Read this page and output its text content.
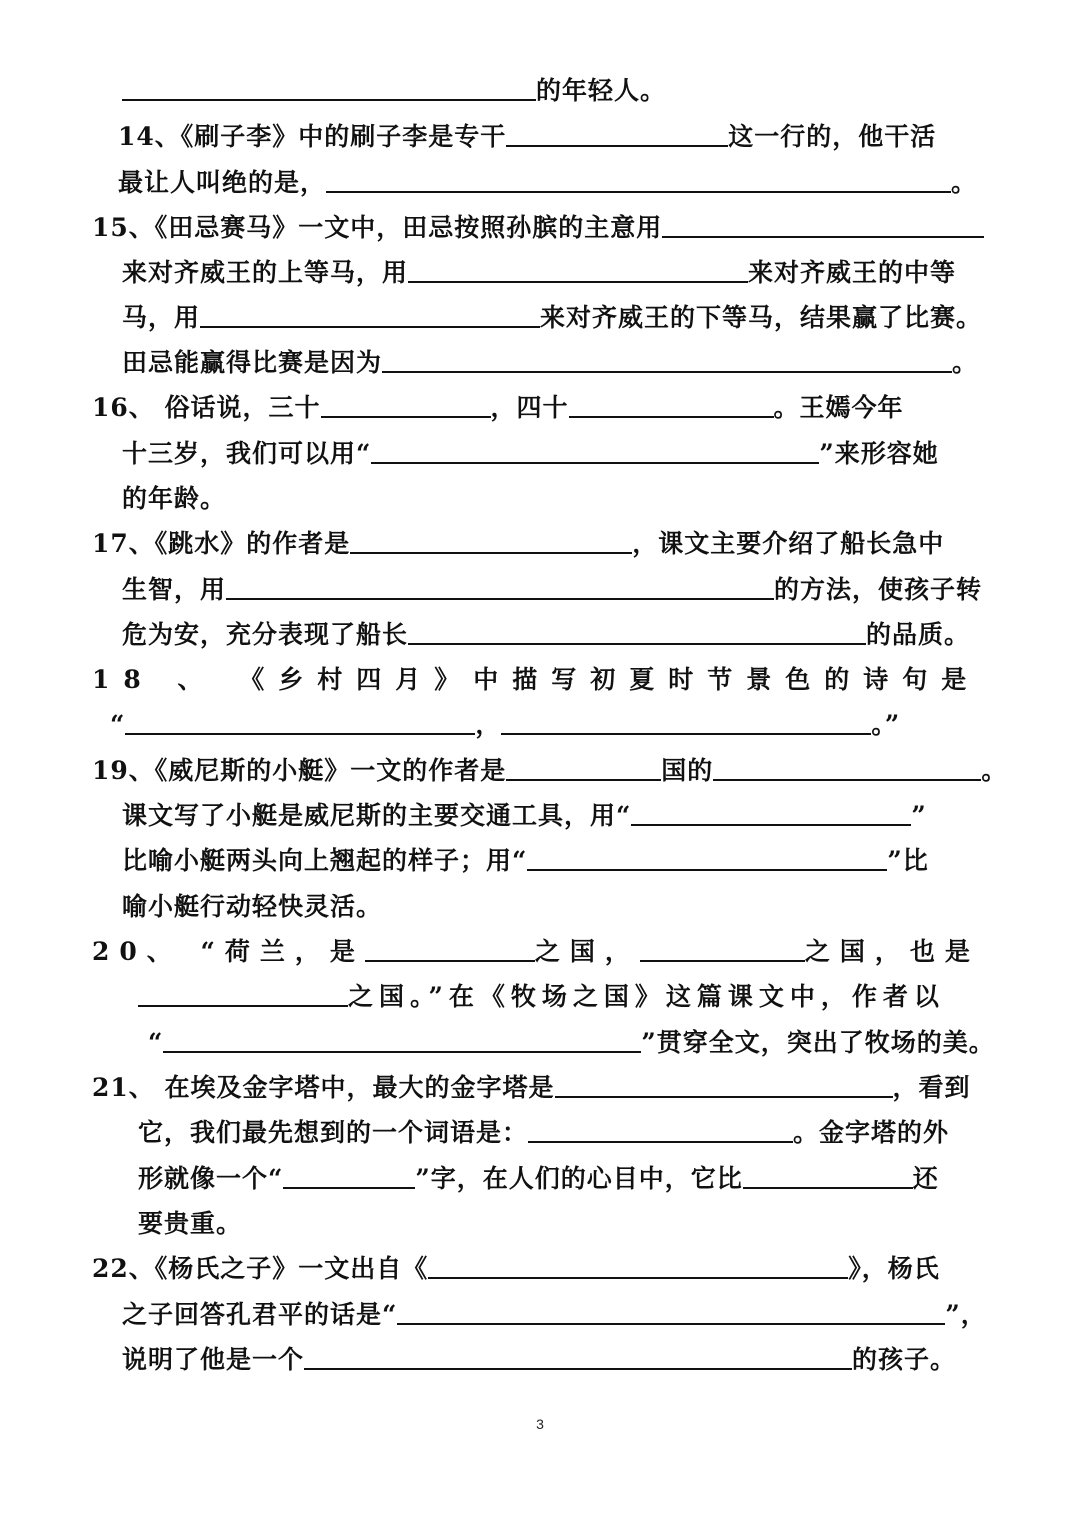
的年轻人。
14、《刷子李》中的刷子李是专干	这一行的，他干活
最让人叫绝的是，	。
15、《田忌赛马》一文中，田忌按照孙膑的主意用
来对齐威王的上等马，用	来对齐威王的中等
马，用	来对齐威王的下等马，结果赢了比赛。
田忌能赢得比赛是因为	。
16、 俗话说，三十	，四十	。王嫣今年
十三岁，我们可以用“	”来形容她
的年龄。
17、《跳水》的作者是	，课文主要介绍了船长急中
生智，用	的方法，使孩子转
危为安，充分表现了船长	的品质。
18 、 《乡村四月》中描写初夏时节景色的诗句是
“	，	。”
19、《威尼斯的小艇》一文的作者是	国的	。
课文写了小艇是威尼斯的主要交通工具，用“	”
比喻小艇两头向上翘起的样子；用“	”比
喻小艇行动轻快灵活。
20、 “荷兰，是	之国，	之国，也是
之国。”在《牧场之国》这篇课文中，作者以
“	”贯穿全文，突出了牧场的美。
21、 在埃及金字塔中，最大的金字塔是	，看到
它，我们最先想到的一个词语是：	。金字塔的外
形就像一个“	”字，在人们的心目中，它比	还
要贵重。
22、《杨氏之子》一文出自《	》，杨氏
之子回答孔君平的话是“	”，
说明了他是一个	的孩子。
3
